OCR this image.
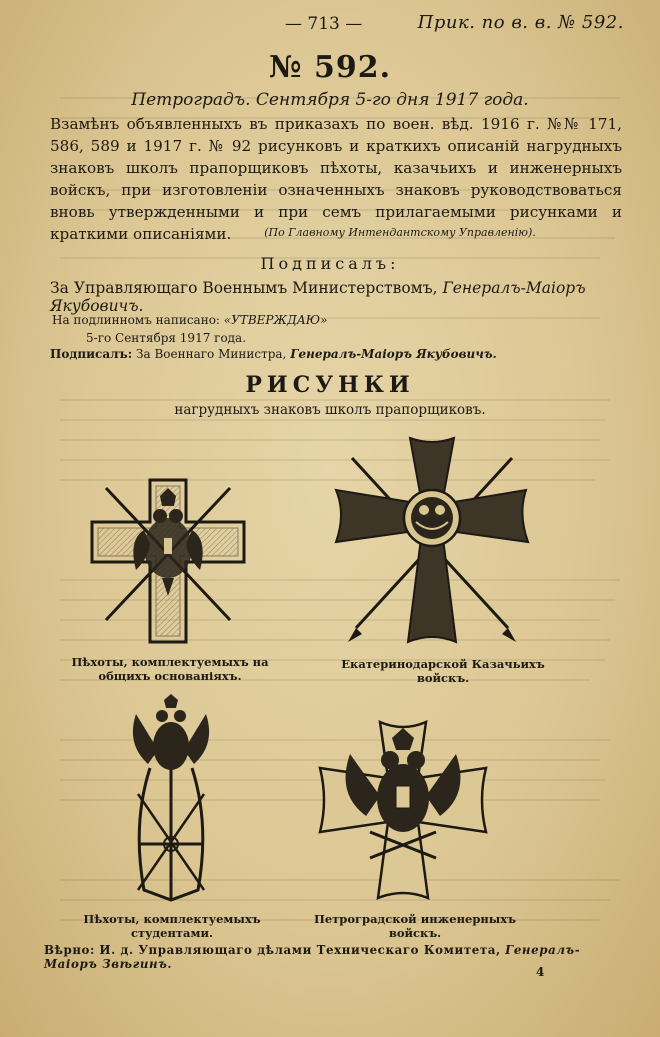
— 713 —	Прик. по в. в. № 592.
№ 592.
Петроградъ. Сентября 5-го дня 1917 года.
Взамѣнъ объявленныхъ въ приказахъ по воен. вѣд. 1916 г. №№ 171, 586, 589 и 1917 г. № 92 рисунковъ и краткихъ описаній нагрудныхъ знаковъ школъ прапорщиковъ пѣхоты, казачьихъ и инженерныхъ войскъ, при изготовленіи означенныхъ знаковъ руководствоваться вновь утвержденными и при семъ прилагаемыми рисунками и краткими описаніями.	(По Главному Интендантскому Управленію).
Подписалъ:
За Управляющаго Военнымъ Министерствомъ, Генералъ-Маіоръ Якубовичъ.
На подлинномъ написано: «УТВЕРЖДАЮ»
5-го Сентября 1917 года.
Подписалъ: За Военнаго Министра, Генералъ-Маіоръ Якубовичъ.
РИСУНКИ
нагрудныхъ знаковъ школъ прапорщиковъ.
Пѣхоты, комплектуемыхъ на
общихъ основаніяхъ.
Екатеринодарской Казачьихъ войскъ.
Пѣхоты, комплектуемыхъ
студентами.
Петроградской инженерныхъ войскъ.
Вѣрно: И. д. Управляющаго дѣлами Техническаго Комитета, Генералъ-Маіоръ Звѣгинъ.
4
